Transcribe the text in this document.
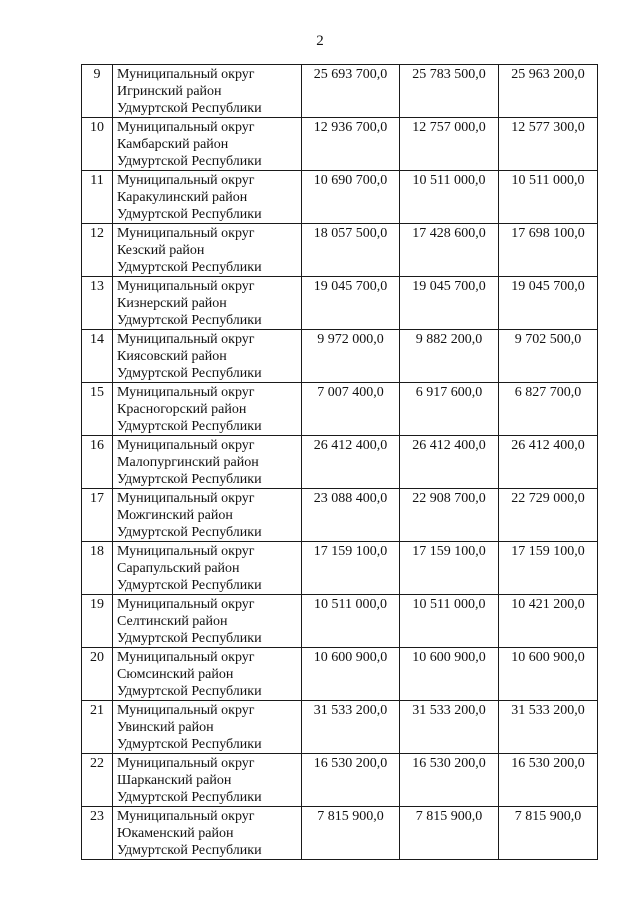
2
9	Муниципальный округ
Игринский район
Удмуртской Республики	25 693 700,0	25 783 500,0	25 963 200,0
10	Муниципальный округ
Камбарский район
Удмуртской Республики	12 936 700,0	12 757 000,0	12 577 300,0
11	Муниципальный округ
Каракулинский район
Удмуртской Республики	10 690 700,0	10 511 000,0	10 511 000,0
12	Муниципальный округ
Кезский район
Удмуртской Республики	18 057 500,0	17 428 600,0	17 698 100,0
13	Муниципальный округ
Кизнерский район
Удмуртской Республики	19 045 700,0	19 045 700,0	19 045 700,0
14	Муниципальный округ
Киясовский район
Удмуртской Республики	9 972 000,0	9 882 200,0	9 702 500,0
15	Муниципальный округ
Красногорский район
Удмуртской Республики	7 007 400,0	6 917 600,0	6 827 700,0
16	Муниципальный округ
Малопургинский район
Удмуртской Республики	26 412 400,0	26 412 400,0	26 412 400,0
17	Муниципальный округ
Можгинский район
Удмуртской Республики	23 088 400,0	22 908 700,0	22 729 000,0
18	Муниципальный округ
Сарапульский район
Удмуртской Республики	17 159 100,0	17 159 100,0	17 159 100,0
19	Муниципальный округ
Селтинский район
Удмуртской Республики	10 511 000,0	10 511 000,0	10 421 200,0
20	Муниципальный округ
Сюмсинский район
Удмуртской Республики	10 600 900,0	10 600 900,0	10 600 900,0
21	Муниципальный округ
Увинский район
Удмуртской Республики	31 533 200,0	31 533 200,0	31 533 200,0
22	Муниципальный округ
Шарканский район
Удмуртской Республики	16 530 200,0	16 530 200,0	16 530 200,0
23	Муниципальный округ
Юкаменский район
Удмуртской Республики	7 815 900,0	7 815 900,0	7 815 900,0
